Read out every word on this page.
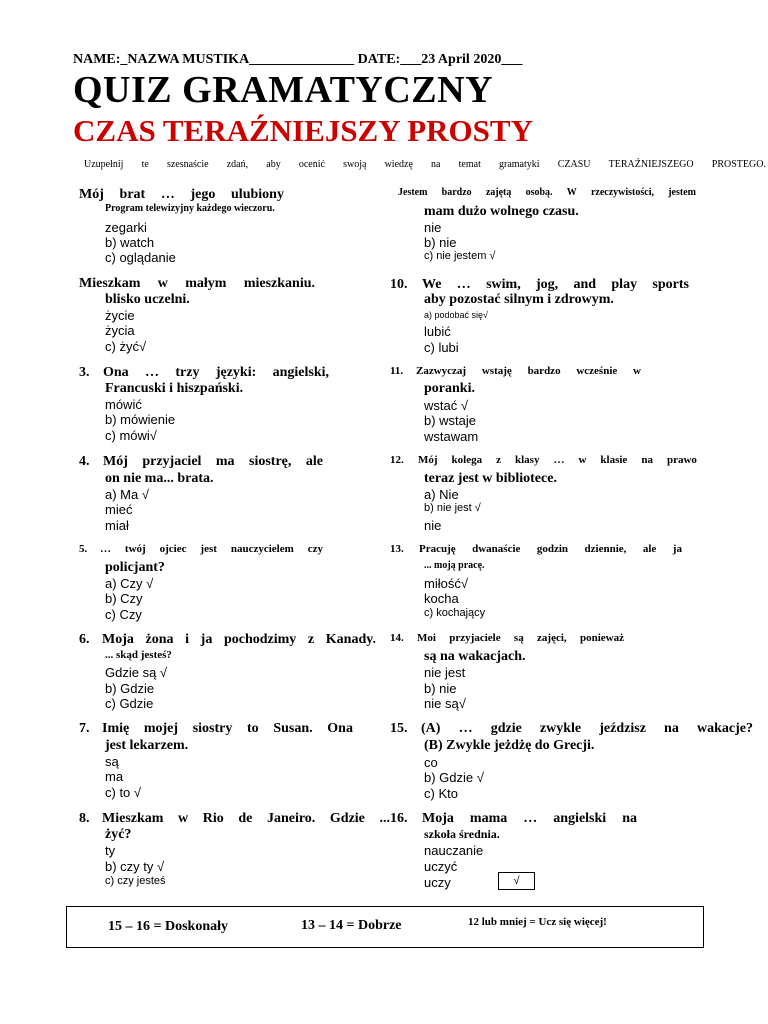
NAME:_NAZWA MUSTIKA_______________ DATE:___23 April 2020___
QUIZ GRAMATYCZNY
CZAS TERAŹNIEJSZY PROSTY
Uzupełnij te szesnaście zdań, aby ocenić swoją wiedzę na temat gramatyki CZASU TERAŹNIEJSZEGO PROSTEGO.
Mój brat … jego ulubiony
Program telewizyjny każdego wieczoru.
zegarki
b) watch
c) oglądanie
Mieszkam w małym mieszkaniu.
blisko uczelni.
życie
życia
c) żyć√
3. Ona … trzy języki: angielski,
Francuski i hiszpański.
mówić
b) mówienie
c) mówi√
4. Mój przyjaciel ma siostrę, ale
on nie ma... brata.
a) Ma √
mieć
miał
5. … twój ojciec jest nauczycielem czy
policjant?
a) Czy √
b) Czy
c) Czy
6. Moja żona i ja pochodzimy z Kanady.
... skąd jesteś?
Gdzie są √
b) Gdzie
c) Gdzie
7. Imię mojej siostry to Susan. Ona
jest lekarzem.
są
ma
c) to √
8. Mieszkam w Rio de Janeiro. Gdzie ...
żyć?
ty
b) czy ty √
c) czy jesteś
Jestem bardzo zajętą osobą. W rzeczywistości, jestem
mam dużo wolnego czasu.
nie
b) nie
c) nie jestem √
10. We … swim, jog, and play sports
aby pozostać silnym i zdrowym.
a) podobać się√
lubić
c) lubi
11. Zazwyczaj wstaję bardzo wcześnie w
poranki.
wstać √
b) wstaje
wstawam
12. Mój kolega z klasy … w klasie na prawo
teraz jest w bibliotece.
a) Nie
b) nie jest √
nie
13. Pracuję dwanaście godzin dziennie, ale ja
... moją pracę.
miłość√
kocha
c) kochający
14. Moi przyjaciele są zajęci, ponieważ
są na wakacjach.
nie jest
b) nie
nie są√
15. (A) … gdzie zwykle jeździsz na wakacje?
(B) Zwykle jeżdżę do Grecji.
co
b) Gdzie √
c) Kto
16. Moja mama … angielski na
szkoła średnia.
nauczanie
uczyć
uczy	√
15 – 16 = Doskonały	13 – 14 = Dobrze	12 lub mniej = Ucz się więcej!
